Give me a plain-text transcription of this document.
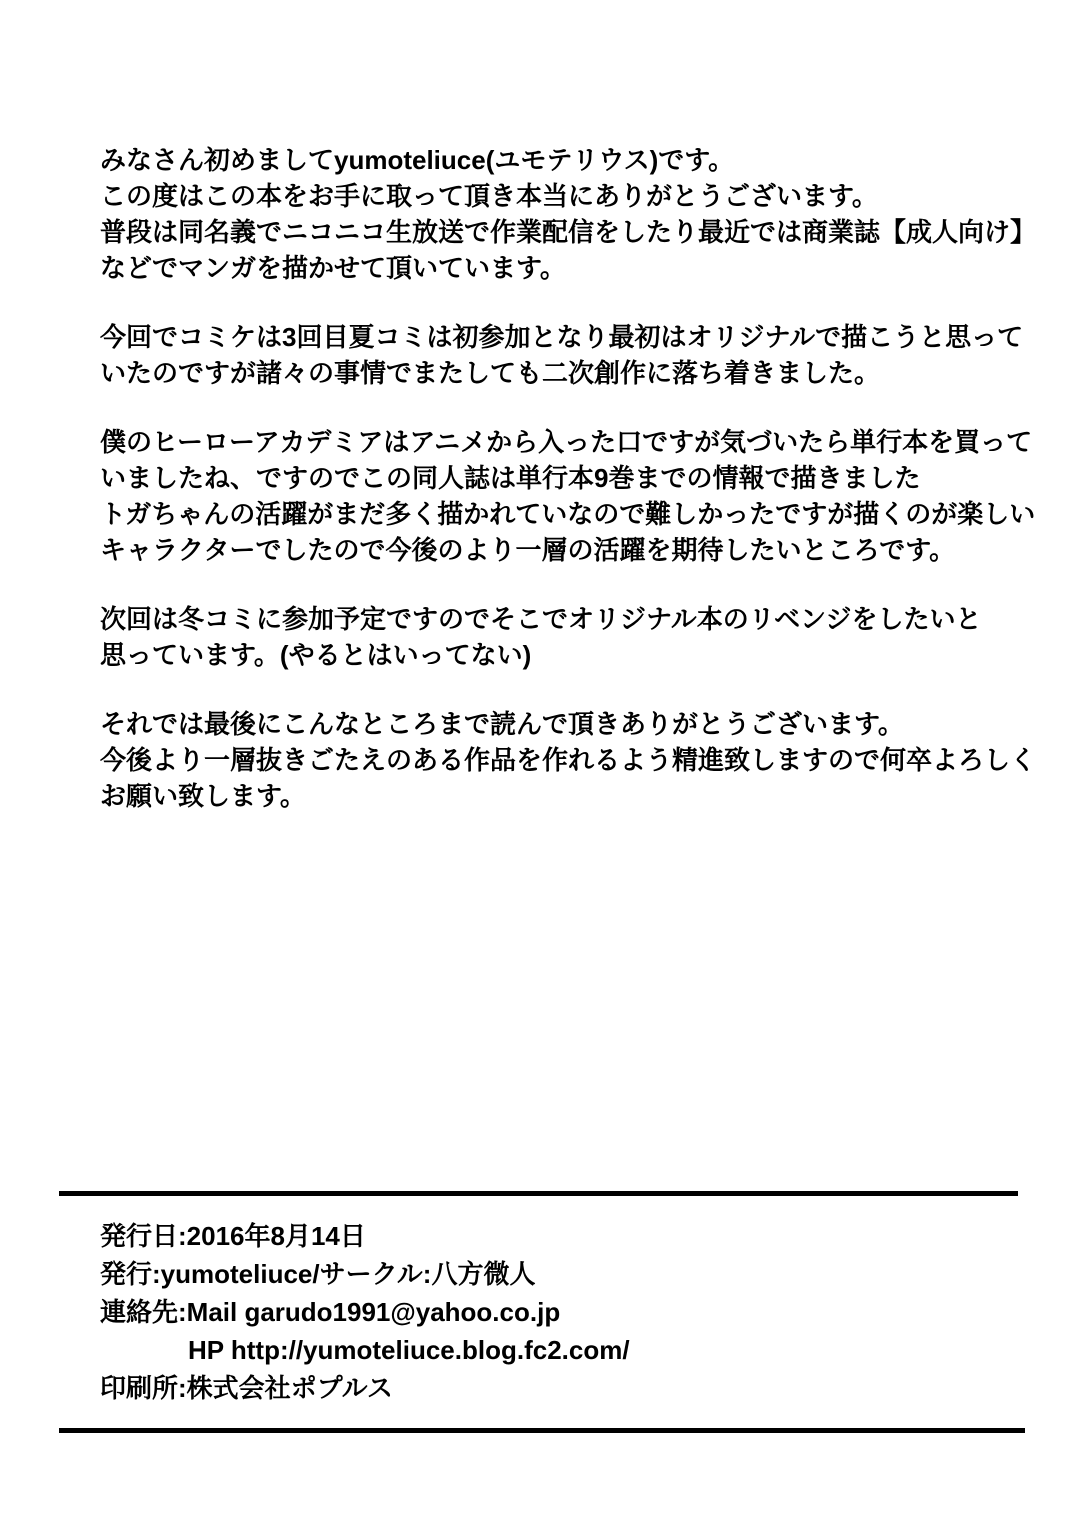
みなさん初めましてyumoteliuce(ユモテリウス)です。
この度はこの本をお手に取って頂き本当にありがとうございます。
普段は同名義でニコニコ生放送で作業配信をしたり最近では商業誌【成人向け】
などでマンガを描かせて頂いています。

今回でコミケは3回目夏コミは初参加となり最初はオリジナルで描こうと思って
いたのですが諸々の事情でまたしても二次創作に落ち着きました。

僕のヒーローアカデミアはアニメから入った口ですが気づいたら単行本を買って
いましたね、ですのでこの同人誌は単行本9巻までの情報で描きました
トガちゃんの活躍がまだ多く描かれていなので難しかったですが描くのが楽しい
キャラクターでしたので今後のより一層の活躍を期待したいところです。

次回は冬コミに参加予定ですのでそこでオリジナル本のリベンジをしたいと
思っています。(やるとはいってない)

それでは最後にこんなところまで読んで頂きありがとうございます。
今後より一層抜きごたえのある作品を作れるよう精進致しますので何卒よろしく
お願い致します。

発行日:2016年8月14日
発行:yumoteliuce/サークル:八方微人
連絡先:Mail garudo1991@yahoo.co.jp
HP http://yumoteliuce.blog.fc2.com/
印刷所:株式会社ポプルス
